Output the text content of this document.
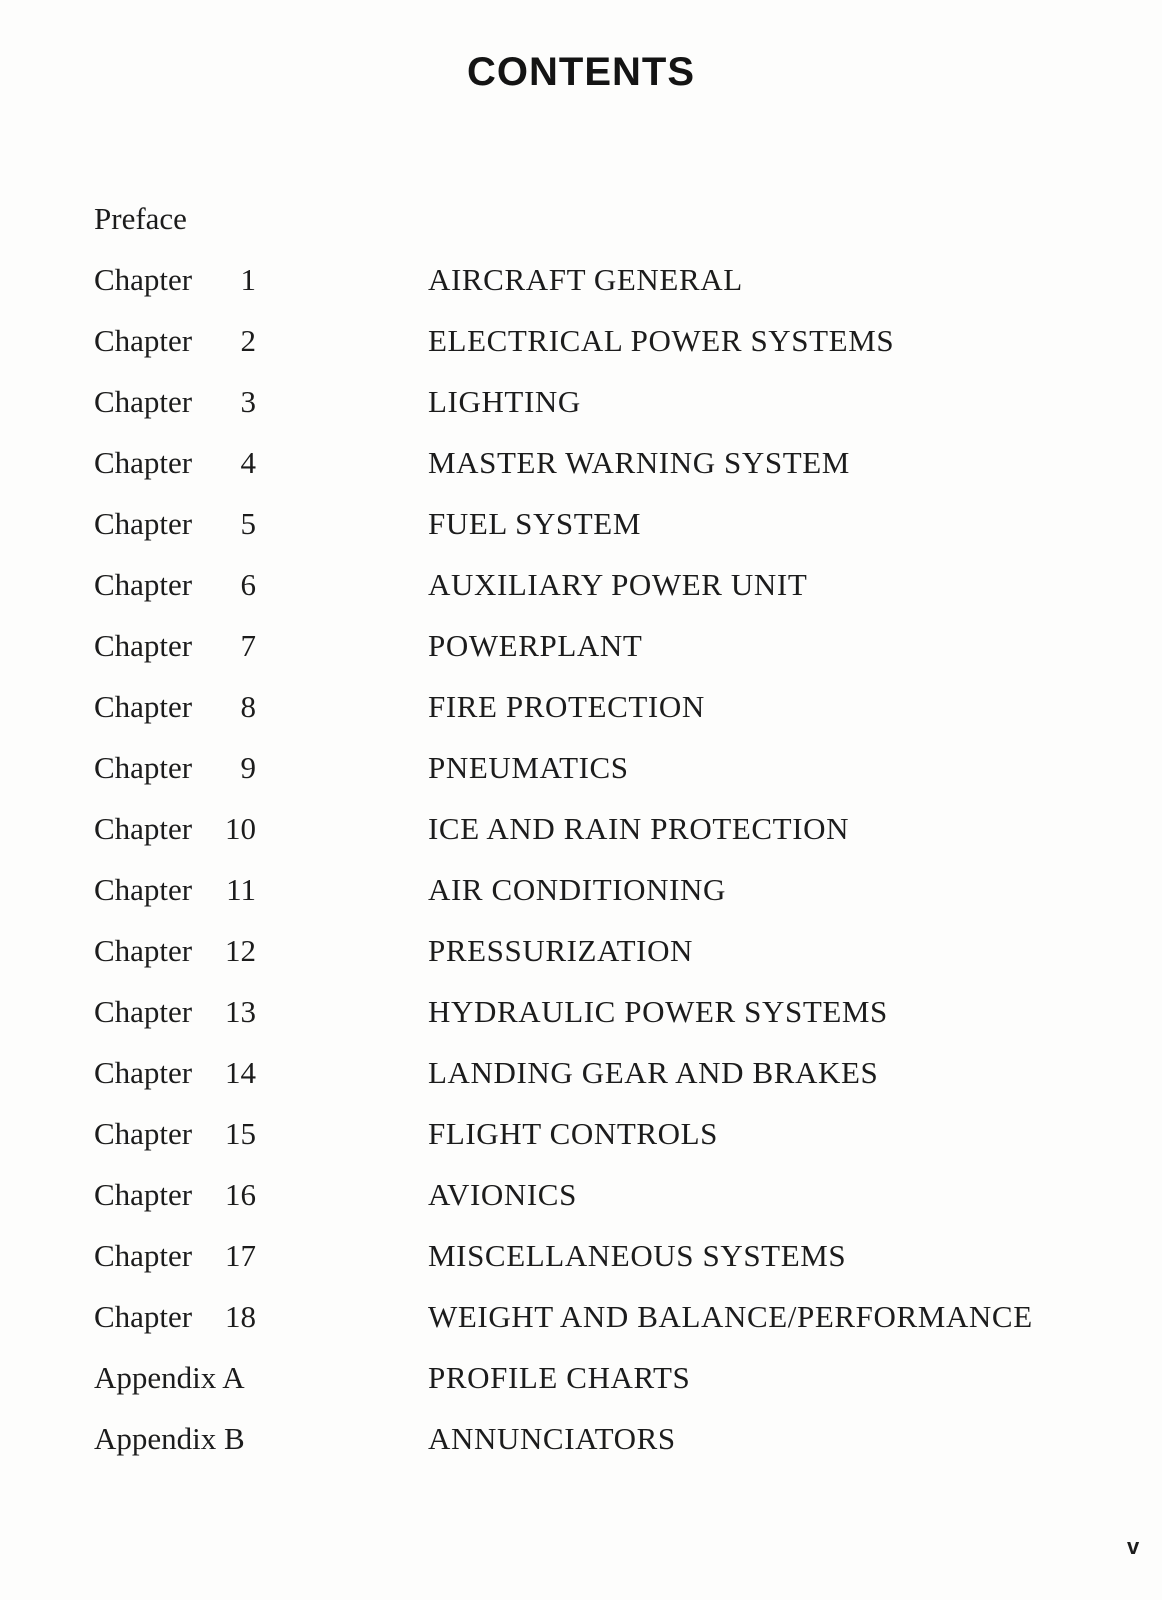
CONTENTS
Preface
Chapter	1	AIRCRAFT GENERAL
Chapter	2	ELECTRICAL POWER SYSTEMS
Chapter	3	LIGHTING
Chapter	4	MASTER WARNING SYSTEM
Chapter	5	FUEL SYSTEM
Chapter	6	AUXILIARY POWER UNIT
Chapter	7	POWERPLANT
Chapter	8	FIRE PROTECTION
Chapter	9	PNEUMATICS
Chapter 10	ICE AND RAIN PROTECTION
Chapter 11	AIR CONDITIONING
Chapter 12	PRESSURIZATION
Chapter 13	HYDRAULIC POWER SYSTEMS
Chapter 14	LANDING GEAR AND BRAKES
Chapter 15	FLIGHT CONTROLS
Chapter 16	AVIONICS
Chapter 17	MISCELLANEOUS SYSTEMS
Chapter 18	WEIGHT AND BALANCE/PERFORMANCE
Appendix A	PROFILE CHARTS
Appendix B	ANNUNCIATORS
v
